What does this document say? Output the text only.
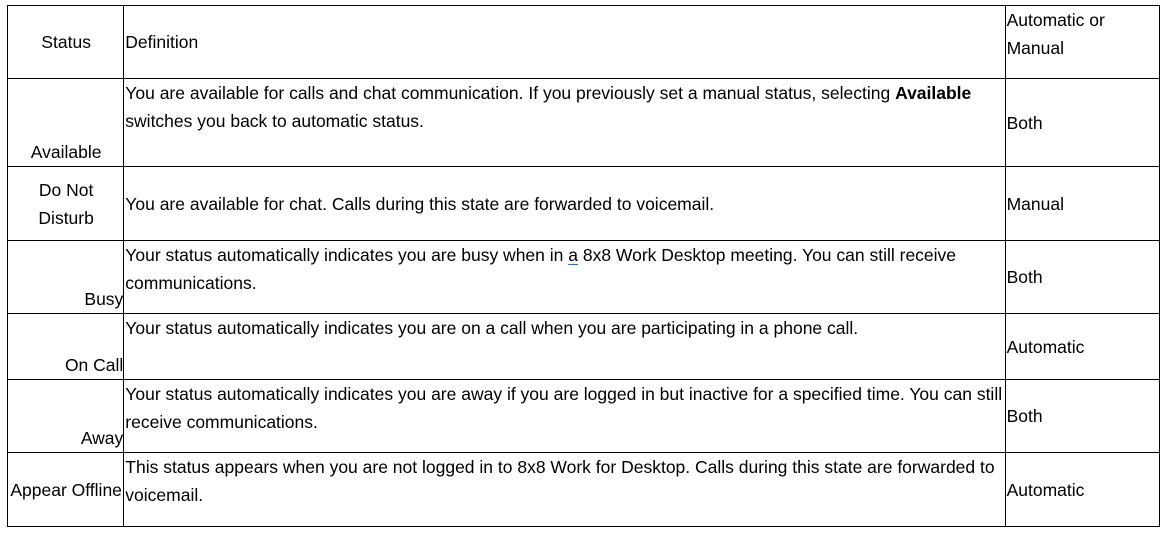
Status	Definition	Automatic or Manual
Available	You are available for calls and chat communication. If you previously set a manual status, selecting Available switches you back to automatic status.	Both
Do Not Disturb	You are available for chat. Calls during this state are forwarded to voicemail.	Manual
Busy	Your status automatically indicates you are busy when in a 8x8 Work Desktop meeting. You can still receive communications.	Both
On Call	Your status automatically indicates you are on a call when you are participating in a phone call.	Automatic
Away	Your status automatically indicates you are away if you are logged in but inactive for a specified time. You can still receive communications.	Both
Appear Offline	This status appears when you are not logged in to 8x8 Work for Desktop. Calls during this state are forwarded to voicemail.	Automatic
